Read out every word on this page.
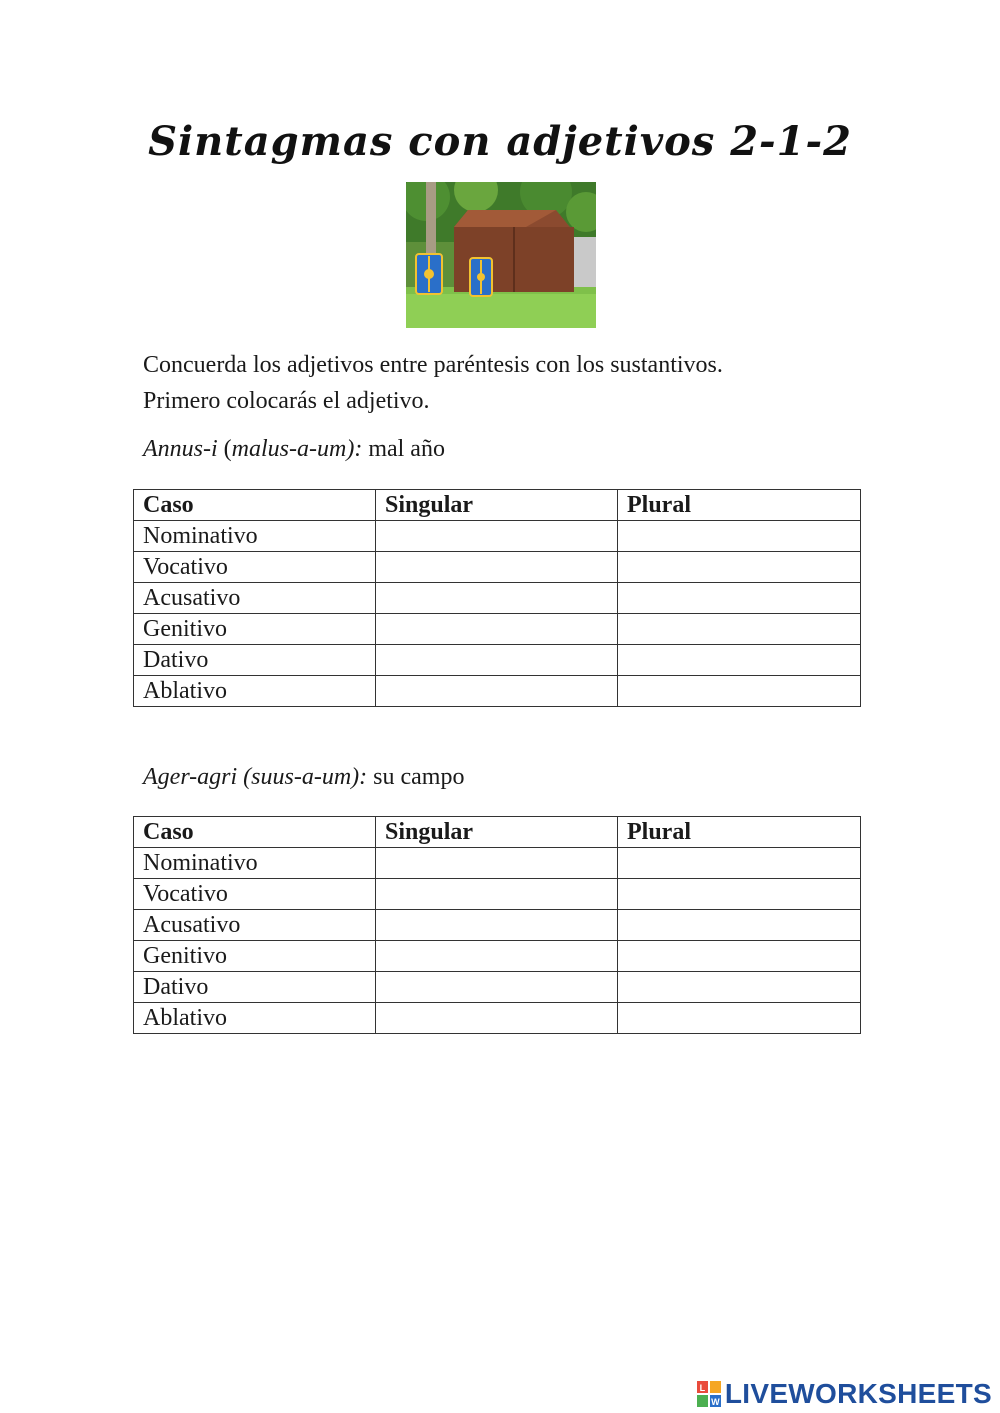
Sintagmas con adjetivos 2-1-2

Concuerda los adjetivos entre paréntesis con los sustantivos.

Primero colocarás el adjetivo.

Annus-i (malus-a-um): mal año
Caso	Singular	Plural
Nominativo		
Vocativo		
Acusativo		
Genitivo		
Dativo		
Ablativo		
Ager-agri (suus-a-um): su campo
Caso	Singular	Plural
Nominativo		
Vocativo		
Acusativo		
Genitivo		
Dativo		
Ablativo		
L
W LIVEWORKSHEETS
